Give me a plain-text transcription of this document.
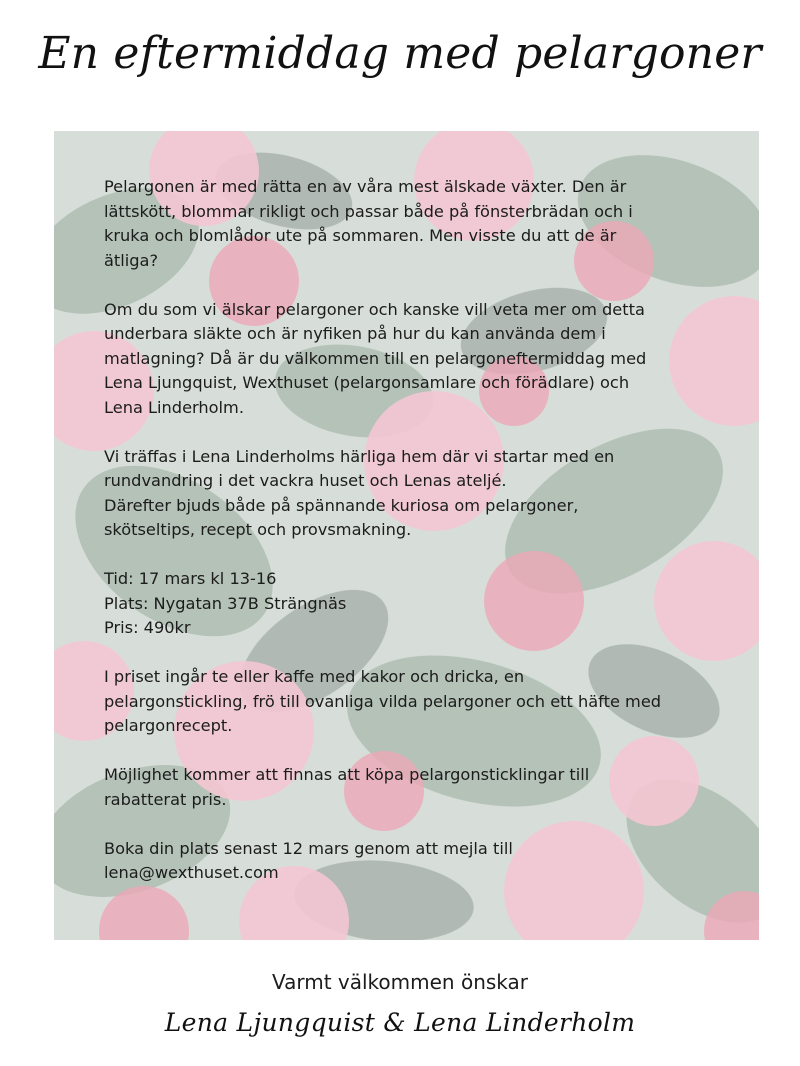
En eftermiddag med pelargoner

Pelargonen är med rätta en av våra mest älskade växter. Den är
lättskött, blommar rikligt och passar både på fönsterbrädan och i
kruka och blomlådor ute på sommaren. Men visste du att de är
ätliga?

Om du som vi älskar pelargoner och kanske vill veta mer om detta
underbara släkte och är nyfiken på hur du kan använda dem i
matlagning? Då är du välkommen till en pelargoneftermiddag med
Lena Ljungquist, Wexthuset (pelargonsamlare och förädlare) och
Lena Linderholm.

Vi träffas i Lena Linderholms härliga hem där vi startar med en
rundvandring i det vackra huset och Lenas ateljé.
Därefter bjuds både på spännande kuriosa om pelargoner,
skötseltips, recept och provsmakning.

Tid: 17 mars kl 13-16
Plats: Nygatan 37B Strängnäs
Pris: 490kr

I priset ingår te eller kaffe med kakor och dricka, en
pelargonstickling, frö till ovanliga vilda pelargoner och ett häfte med
pelargonrecept.

Möjlighet kommer att finnas att köpa pelargonsticklingar till
rabatterat pris.

Boka din plats senast 12 mars genom att mejla till
lena@wexthuset.com

Varmt välkommen önskar
Lena Ljungquist & Lena Linderholm
